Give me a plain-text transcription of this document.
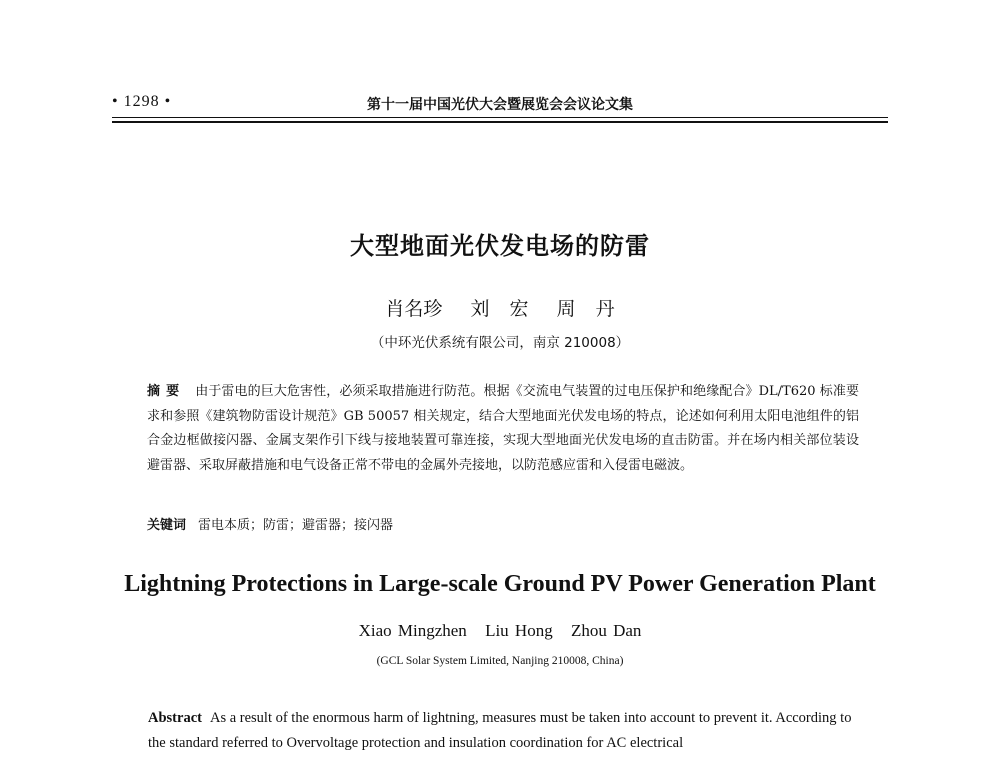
• 1298 •	第十一届中国光伏大会暨展览会会议论文集
大型地面光伏发电场的防雷
肖名珍 刘 宏 周 丹
（中环光伏系统有限公司，南京 210008）
摘要 由于雷电的巨大危害性，必须采取措施进行防范。根据《交流电气装置的过电压保护和绝缘配合》DL/T620 标准要求和参照《建筑物防雷设计规范》GB 50057 相关规定，结合大型地面光伏发电场的特点，论述如何利用太阳电池组件的铝合金边框做接闪器、金属支架作引下线与接地装置可靠连接，实现大型地面光伏发电场的直击防雷。并在场内相关部位装设避雷器、采取屏蔽措施和电气设备正常不带电的金属外壳接地，以防范感应雷和入侵雷电磁波。
关键词 雷电本质；防雷；避雷器；接闪器
Lightning Protections in Large-scale Ground PV Power Generation Plant
Xiao Mingzhen Liu Hong Zhou Dan
(GCL Solar System Limited, Nanjing 210008, China)
Abstract As a result of the enormous harm of lightning, measures must be taken into account to prevent it. According to the standard referred to Overvoltage protection and insulation coordination for AC electrical
